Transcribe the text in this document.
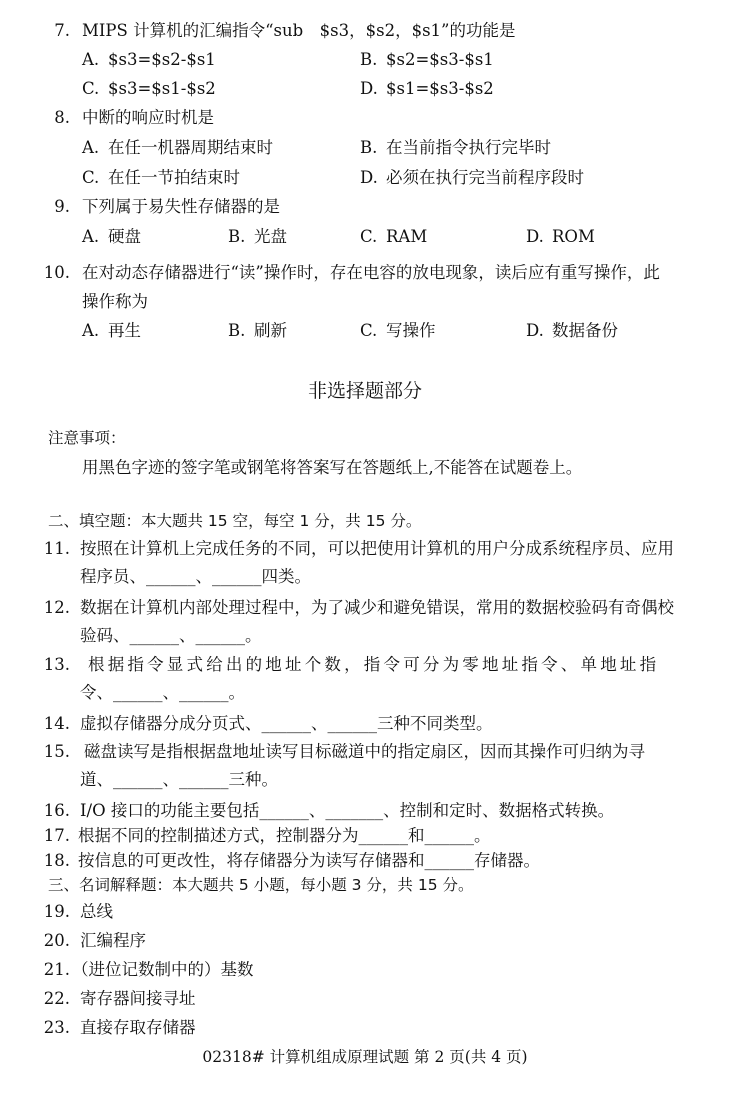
7. MIPS 计算机的汇编指令“sub　$s3，$s2，$s1”的功能是
A. $s3=$s2-$s1	B. $s2=$s3-$s1
C. $s3=$s1-$s2	D. $s1=$s3-$s2
8. 中断的响应时机是
A. 在任一机器周期结束时	B. 在当前指令执行完毕时
C. 在任一节拍结束时	D. 必须在执行完当前程序段时
9. 下列属于易失性存储器的是
A. 硬盘	B. 光盘	C. RAM	D. ROM
10. 在对动态存储器进行“读”操作时，存在电容的放电现象，读后应有重写操作，此
操作称为
A. 再生	B. 刷新	C. 写操作	D. 数据备份
非选择题部分
注意事项：
用黑色字迹的签字笔或钢笔将答案写在答题纸上,不能答在试题卷上。
二、填空题：本大题共 15 空，每空 1 分，共 15 分。
11. 按照在计算机上完成任务的不同，可以把使用计算机的用户分成系统程序员、应用
程序员、______、______四类。
12. 数据在计算机内部处理过程中，为了减少和避免错误，常用的数据校验码有奇偶校
验码、______、______。
13. 根据指令显式给出的地址个数，指令可分为零地址指令、单地址指
令、______、______。
14. 虚拟存储器分成分页式、______、______三种不同类型。
15. 磁盘读写是指根据盘地址读写目标磁道中的指定扇区，因而其操作可归纳为寻
道、______、______三种。
16. I/O 接口的功能主要包括______、_______、控制和定时、数据格式转换。
17. 根据不同的控制描述方式，控制器分为______和______。
18. 按信息的可更改性，将存储器分为读写存储器和______存储器。
三、名词解释题：本大题共 5 小题，每小题 3 分，共 15 分。
19. 总线
20. 汇编程序
21. （进位记数制中的）基数
22. 寄存器间接寻址
23. 直接存取存储器
02318# 计算机组成原理试题 第 2 页(共 4 页)
